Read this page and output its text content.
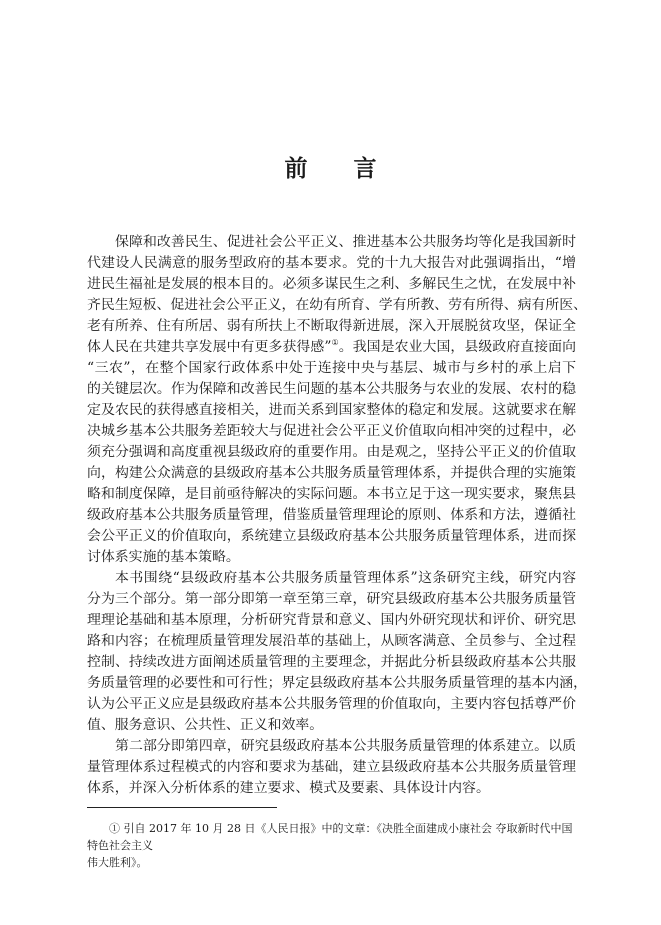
前 言
保障和改善民生、促进社会公平正义、推进基本公共服务均等化是我国新时
代建设人民满意的服务型政府的基本要求。党的十九大报告对此强调指出，“增
进民生福祉是发展的根本目的。必须多谋民生之利、多解民生之忧，在发展中补
齐民生短板、促进社会公平正义，在幼有所育、学有所教、劳有所得、病有所医、
老有所养、住有所居、弱有所扶上不断取得新进展，深入开展脱贫攻坚，保证全
体人民在共建共享发展中有更多获得感”①。我国是农业大国，县级政府直接面向
“三农”，在整个国家行政体系中处于连接中央与基层、城市与乡村的承上启下
的关键层次。作为保障和改善民生问题的基本公共服务与农业的发展、农村的稳
定及农民的获得感直接相关，进而关系到国家整体的稳定和发展。这就要求在解
决城乡基本公共服务差距较大与促进社会公平正义价值取向相冲突的过程中，必
须充分强调和高度重视县级政府的重要作用。由是观之，坚持公平正义的价值取
向，构建公众满意的县级政府基本公共服务质量管理体系，并提供合理的实施策
略和制度保障，是目前亟待解决的实际问题。本书立足于这一现实要求，聚焦县
级政府基本公共服务质量管理，借鉴质量管理理论的原则、体系和方法，遵循社
会公平正义的价值取向，系统建立县级政府基本公共服务质量管理体系，进而探
讨体系实施的基本策略。
本书围绕“县级政府基本公共服务质量管理体系”这条研究主线，研究内容
分为三个部分。第一部分即第一章至第三章，研究县级政府基本公共服务质量管
理理论基础和基本原理，分析研究背景和意义、国内外研究现状和评价、研究思
路和内容；在梳理质量管理发展沿革的基础上，从顾客满意、全员参与、全过程
控制、持续改进方面阐述质量管理的主要理念，并据此分析县级政府基本公共服
务质量管理的必要性和可行性；界定县级政府基本公共服务质量管理的基本内涵，
认为公平正义应是县级政府基本公共服务管理的价值取向，主要内容包括尊严价
值、服务意识、公共性、正义和效率。
第二部分即第四章，研究县级政府基本公共服务质量管理的体系建立。以质
量管理体系过程模式的内容和要求为基础，建立县级政府基本公共服务质量管理
体系，并深入分析体系的建立要求、模式及要素、具体设计内容。
① 引自 2017 年 10 月 28 日《人民日报》中的文章：《决胜全面建成小康社会 夺取新时代中国特色社会主义
伟大胜利》。
